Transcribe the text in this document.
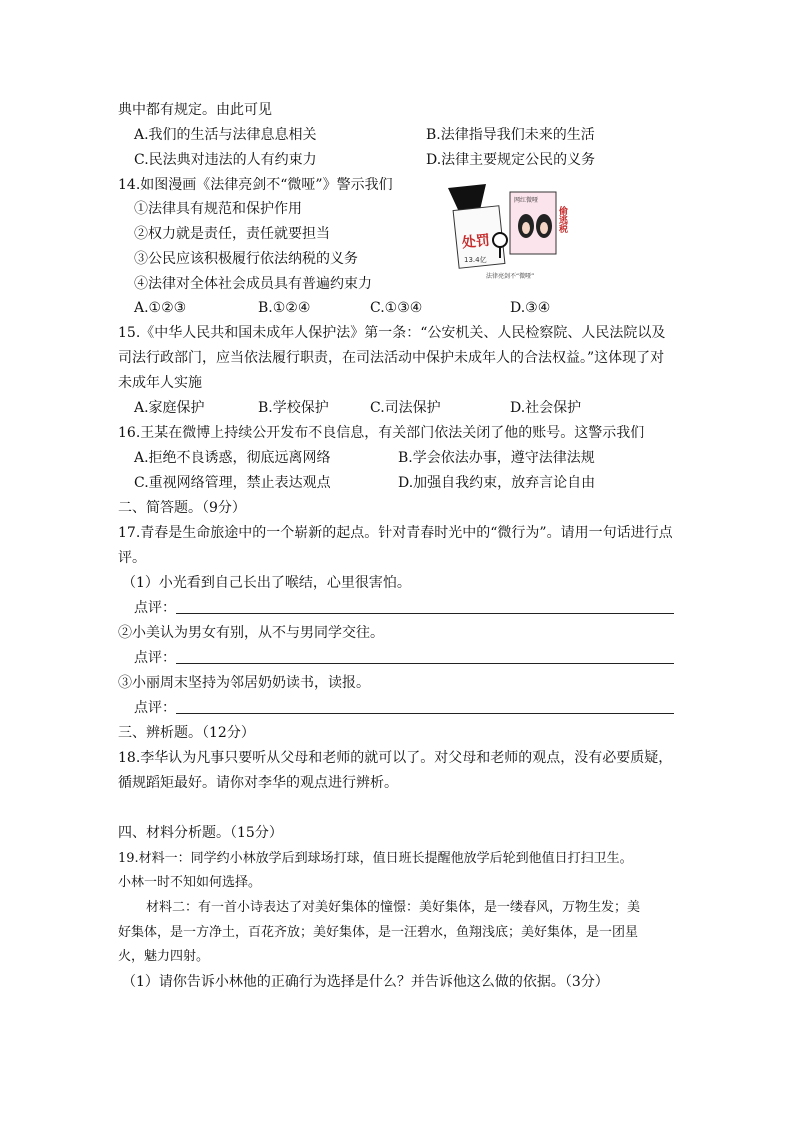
典中都有规定。由此可见
A.我们的生活与法律息息相关	B.法律指导我们未来的生活
C.民法典对违法的人有约束力	D.法律主要规定公民的义务
14.如图漫画《法律亮剑不“微哑”》警示我们
①法律具有规范和保护作用
②权力就是责任，责任就要担当
③公民应该积极履行依法纳税的义务
④法律对全体社会成员具有普遍约束力
A.①②③	B.①②④	C.①③④	D.③④
处罚
13.4亿
网红微哑
偷逃税
法律亮剑不“微哑”
15.《中华人民共和国未成年人保护法》第一条：“公安机关、人民检察院、人民法院以及
司法行政部门，应当依法履行职责，在司法活动中保护未成年人的合法权益。”这体现了对
未成年人实施
A.家庭保护	B.学校保护	C.司法保护	D.社会保护
16.王某在微博上持续公开发布不良信息，有关部门依法关闭了他的账号。这警示我们
A.拒绝不良诱惑，彻底远离网络	B.学会依法办事，遵守法律法规
C.重视网络管理，禁止表达观点	D.加强自我约束，放弃言论自由
二、简答题。（9分）
17.青春是生命旅途中的一个崭新的起点。针对青春时光中的“微行为”。请用一句话进行点
评。
（1）小光看到自己长出了喉结，心里很害怕。
点评：
②小美认为男女有别，从不与男同学交往。
点评：
③小丽周末坚持为邻居奶奶读书，读报。
点评：
三、辨析题。（12分）
18.李华认为凡事只要听从父母和老师的就可以了。对父母和老师的观点，没有必要质疑，
循规蹈矩最好。请你对李华的观点进行辨析。
四、材料分析题。（15分）
19.材料一：同学约小林放学后到球场打球，值日班长提醒他放学后轮到他值日打扫卫生。
小林一时不知如何选择。
材料二：有一首小诗表达了对美好集体的憧憬：美好集体，是一缕春风，万物生发；美
好集体，是一方净土，百花齐放；美好集体，是一汪碧水，鱼翔浅底；美好集体，是一团星
火，魅力四射。
（1）请你告诉小林他的正确行为选择是什么？并告诉他这么做的依据。（3分）
